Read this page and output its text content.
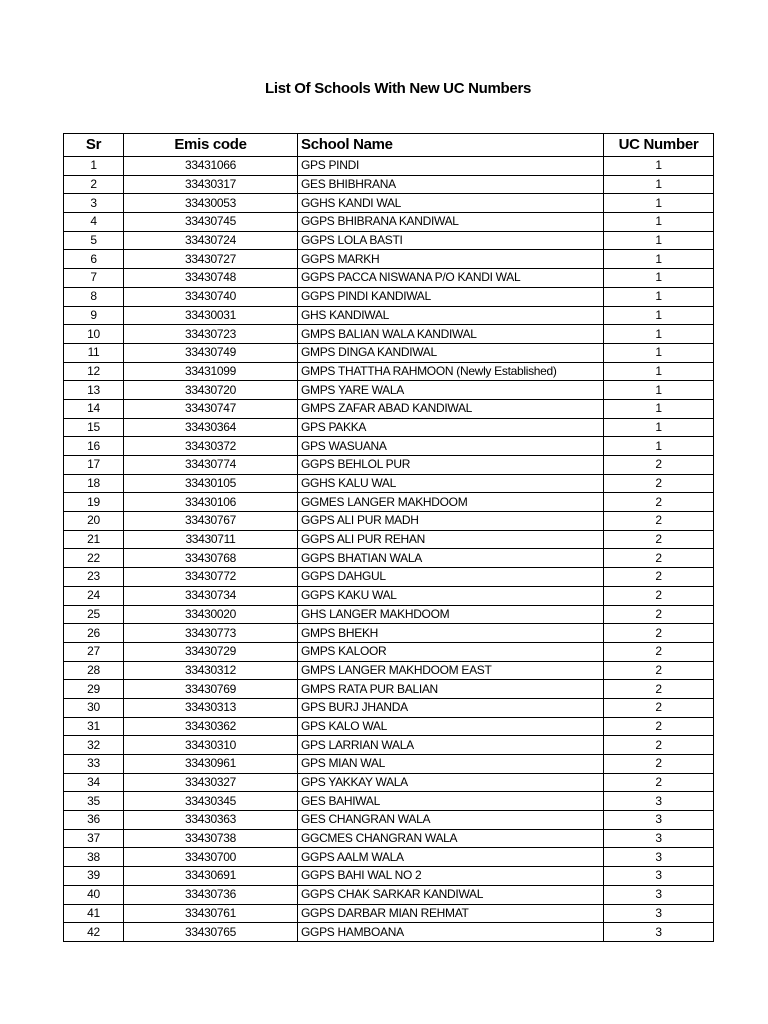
List Of Schools With New UC Numbers
Sr	Emis code	School Name	UC Number
1	33431066	GPS PINDI	1
2	33430317	GES BHIBHRANA	1
3	33430053	GGHS KANDI WAL	1
4	33430745	GGPS BHIBRANA KANDIWAL	1
5	33430724	GGPS LOLA BASTI	1
6	33430727	GGPS MARKH	1
7	33430748	GGPS PACCA NISWANA P/O KANDI WAL	1
8	33430740	GGPS PINDI KANDIWAL	1
9	33430031	GHS KANDIWAL	1
10	33430723	GMPS BALIAN WALA KANDIWAL	1
11	33430749	GMPS DINGA KANDIWAL	1
12	33431099	GMPS THATTHA RAHMOON (Newly Established)	1
13	33430720	GMPS YARE WALA	1
14	33430747	GMPS ZAFAR ABAD KANDIWAL	1
15	33430364	GPS PAKKA	1
16	33430372	GPS WASUANA	1
17	33430774	GGPS BEHLOL PUR	2
18	33430105	GGHS KALU WAL	2
19	33430106	GGMES LANGER MAKHDOOM	2
20	33430767	GGPS ALI PUR MADH	2
21	33430711	GGPS ALI PUR REHAN	2
22	33430768	GGPS BHATIAN WALA	2
23	33430772	GGPS DAHGUL	2
24	33430734	GGPS KAKU WAL	2
25	33430020	GHS LANGER MAKHDOOM	2
26	33430773	GMPS BHEKH	2
27	33430729	GMPS KALOOR	2
28	33430312	GMPS LANGER MAKHDOOM EAST	2
29	33430769	GMPS RATA PUR BALIAN	2
30	33430313	GPS BURJ JHANDA	2
31	33430362	GPS KALO WAL	2
32	33430310	GPS LARRIAN WALA	2
33	33430961	GPS MIAN WAL	2
34	33430327	GPS YAKKAY WALA	2
35	33430345	GES BAHIWAL	3
36	33430363	GES CHANGRAN WALA	3
37	33430738	GGCMES CHANGRAN WALA	3
38	33430700	GGPS AALM WALA	3
39	33430691	GGPS BAHI WAL NO 2	3
40	33430736	GGPS CHAK SARKAR KANDIWAL	3
41	33430761	GGPS DARBAR MIAN REHMAT	3
42	33430765	GGPS HAMBOANA	3
